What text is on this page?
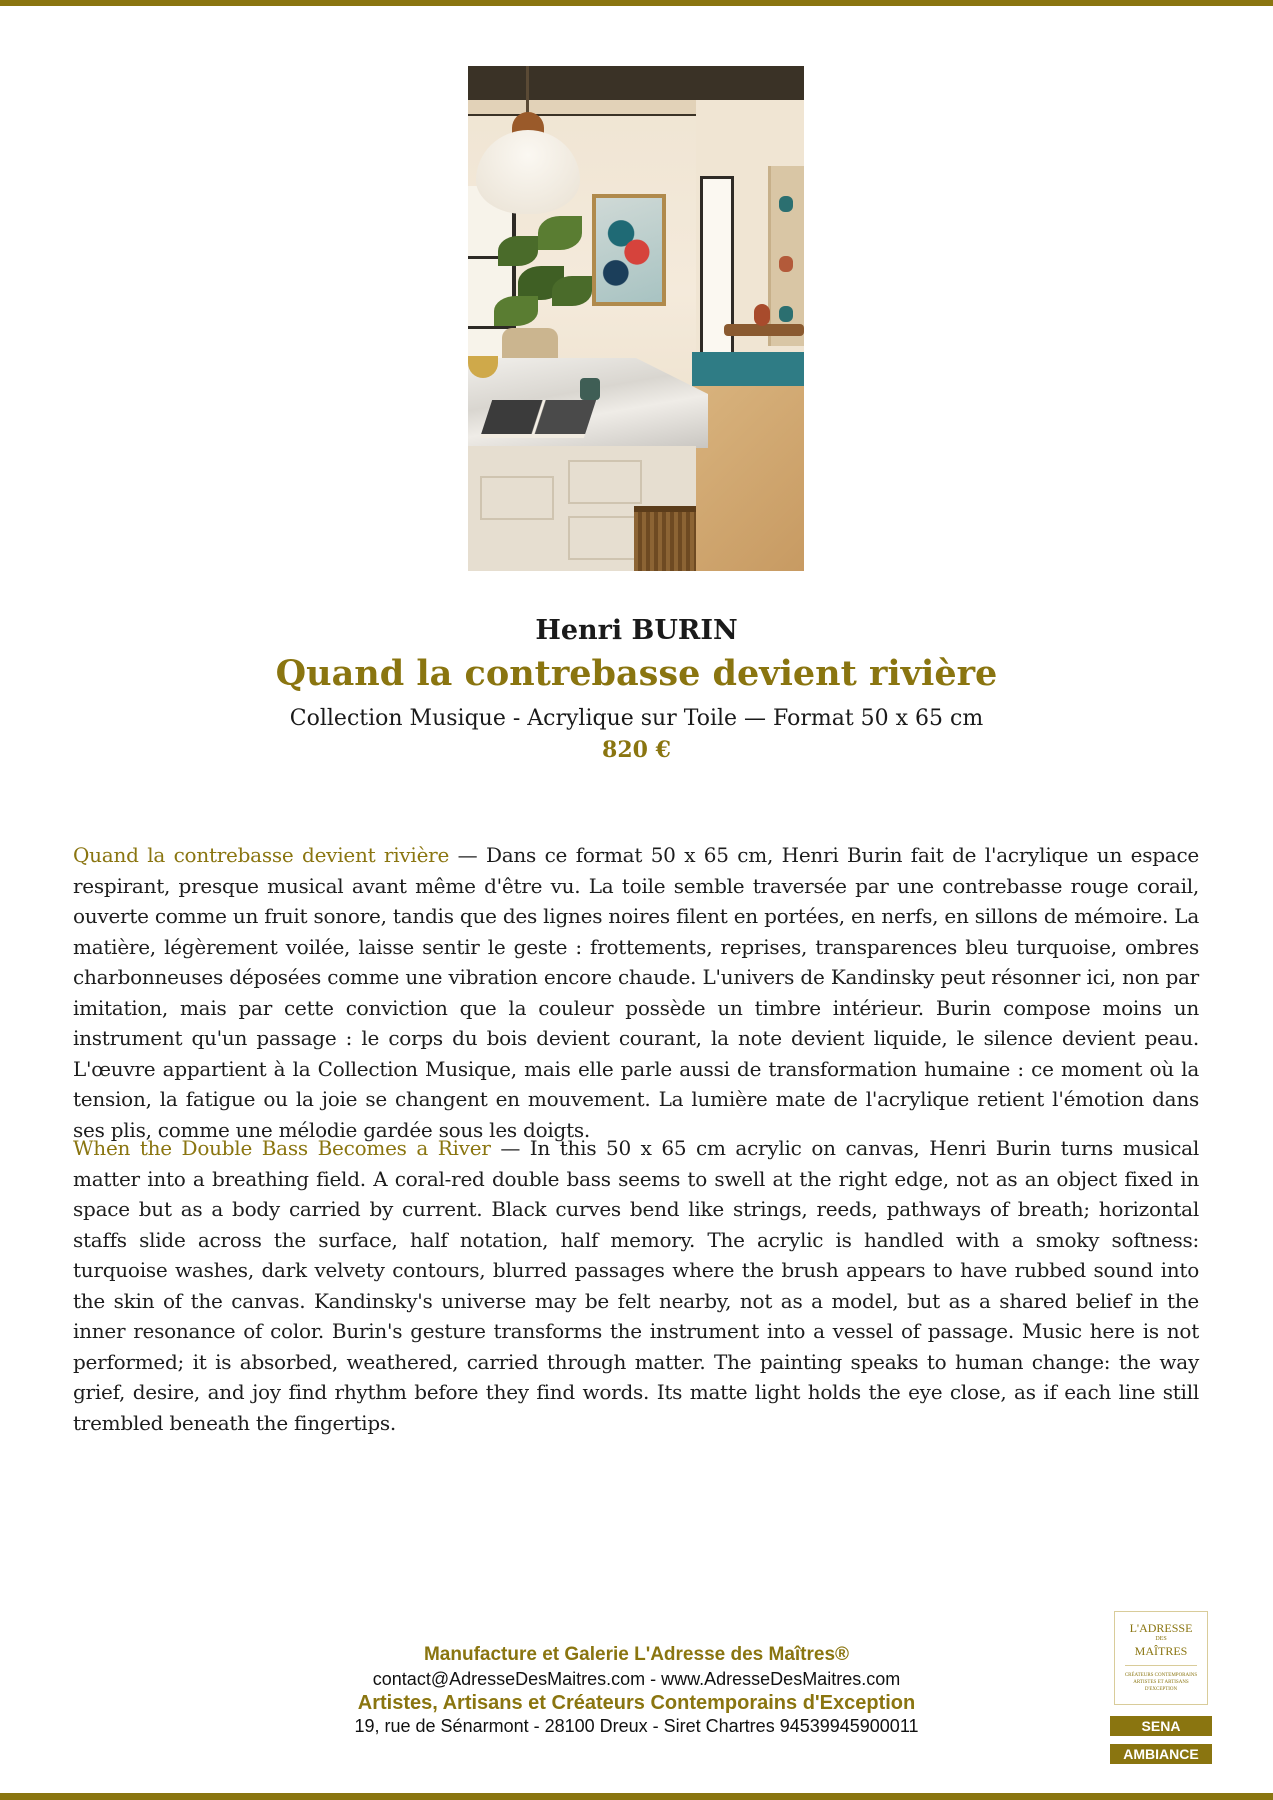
Henri BURIN
Quand la contrebasse devient rivière
Collection Musique - Acrylique sur Toile — Format 50 x 65 cm
820 €

Quand la contrebasse devient rivière — Dans ce format 50 x 65 cm, Henri Burin fait de l'acrylique un espace respirant, presque musical avant même d'être vu. La toile semble traversée par une contrebasse rouge corail, ouverte comme un fruit sonore, tandis que des lignes noires filent en portées, en nerfs, en sillons de mémoire. La matière, légèrement voilée, laisse sentir le geste : frottements, reprises, transparences bleu turquoise, ombres charbonneuses déposées comme une vibration encore chaude. L'univers de Kandinsky peut résonner ici, non par imitation, mais par cette conviction que la couleur possède un timbre intérieur. Burin compose moins un instrument qu'un passage : le corps du bois devient courant, la note devient liquide, le silence devient peau. L'œuvre appartient à la Collection Musique, mais elle parle aussi de transformation humaine : ce moment où la tension, la fatigue ou la joie se changent en mouvement. La lumière mate de l'acrylique retient l'émotion dans ses plis, comme une mélodie gardée sous les doigts.

When the Double Bass Becomes a River — In this 50 x 65 cm acrylic on canvas, Henri Burin turns musical matter into a breathing field. A coral-red double bass seems to swell at the right edge, not as an object fixed in space but as a body carried by current. Black curves bend like strings, reeds, pathways of breath; horizontal staffs slide across the surface, half notation, half memory. The acrylic is handled with a smoky softness: turquoise washes, dark velvety contours, blurred passages where the brush appears to have rubbed sound into the skin of the canvas. Kandinsky's universe may be felt nearby, not as a model, but as a shared belief in the inner resonance of color. Burin's gesture transforms the instrument into a vessel of passage. Music here is not performed; it is absorbed, weathered, carried through matter. The painting speaks to human change: the way grief, desire, and joy find rhythm before they find words. Its matte light holds the eye close, as if each line still trembled beneath the fingertips.

Manufacture et Galerie L'Adresse des Maîtres®
contact@AdresseDesMaitres.com - www.AdresseDesMaitres.com
Artistes, Artisans et Créateurs Contemporains d'Exception
19, rue de Sénarmont - 28100 Dreux - Siret Chartres 94539945900011
L'ADRESSE
DES
MAÎTRES
CRÉATEURS CONTEMPORAINS ARTISTES ET ARTISANS D'EXCEPTION
SENA
AMBIANCE
